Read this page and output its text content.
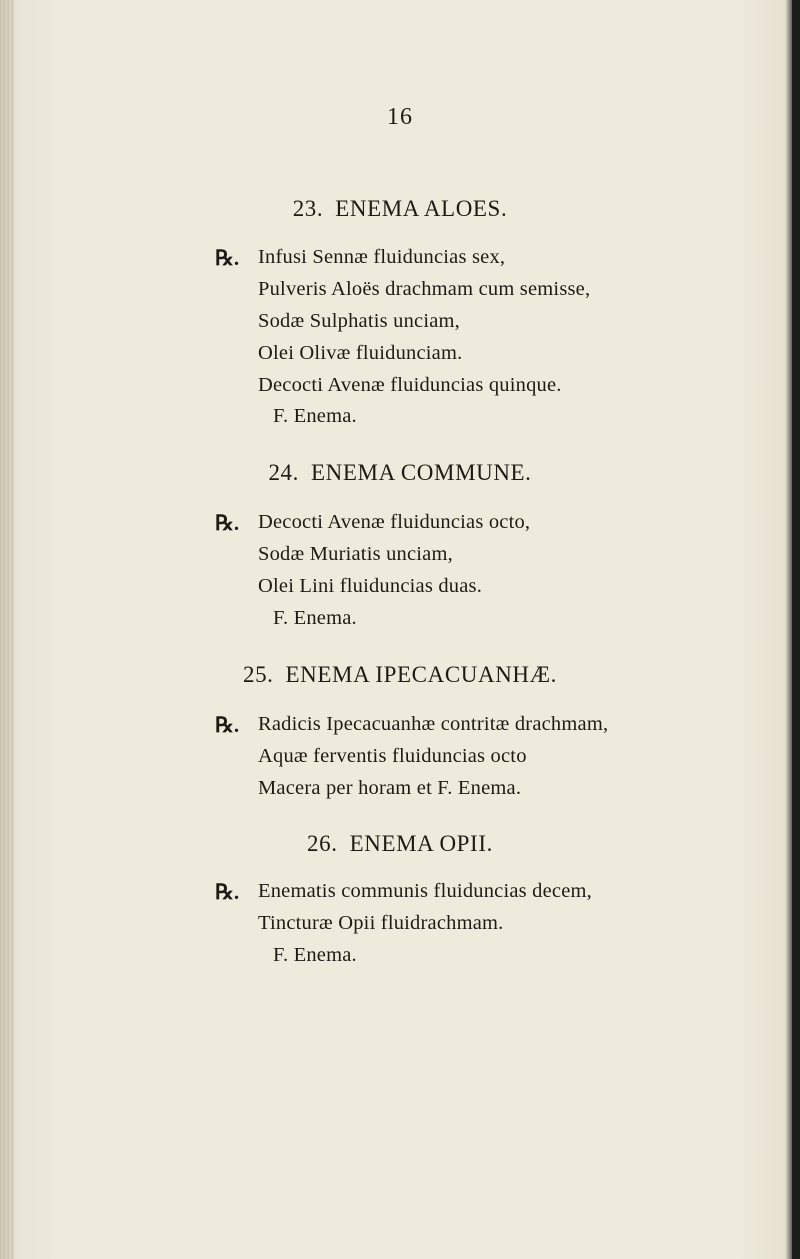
16
23. ENEMA ALOES.
℞. Infusi Sennæ fluiduncias sex,
Pulveris Aloës drachmam cum semisse,
Sodæ Sulphatis unciam,
Olei Olivæ fluidunciam.
Decocti Avenæ fluiduncias quinque.
F. Enema.
24. ENEMA COMMUNE.
℞. Decocti Avenæ fluiduncias octo,
Sodæ Muriatis unciam,
Olei Lini fluiduncias duas.
F. Enema.
25. ENEMA IPECACUANHÆ.
℞. Radicis Ipecacuanhæ contritæ drachmam,
Aquæ ferventis fluiduncias octo
Macera per horam et F. Enema.
26. ENEMA OPII.
℞. Enematis communis fluiduncias decem,
Tincturæ Opii fluidrachmam.
F. Enema.
